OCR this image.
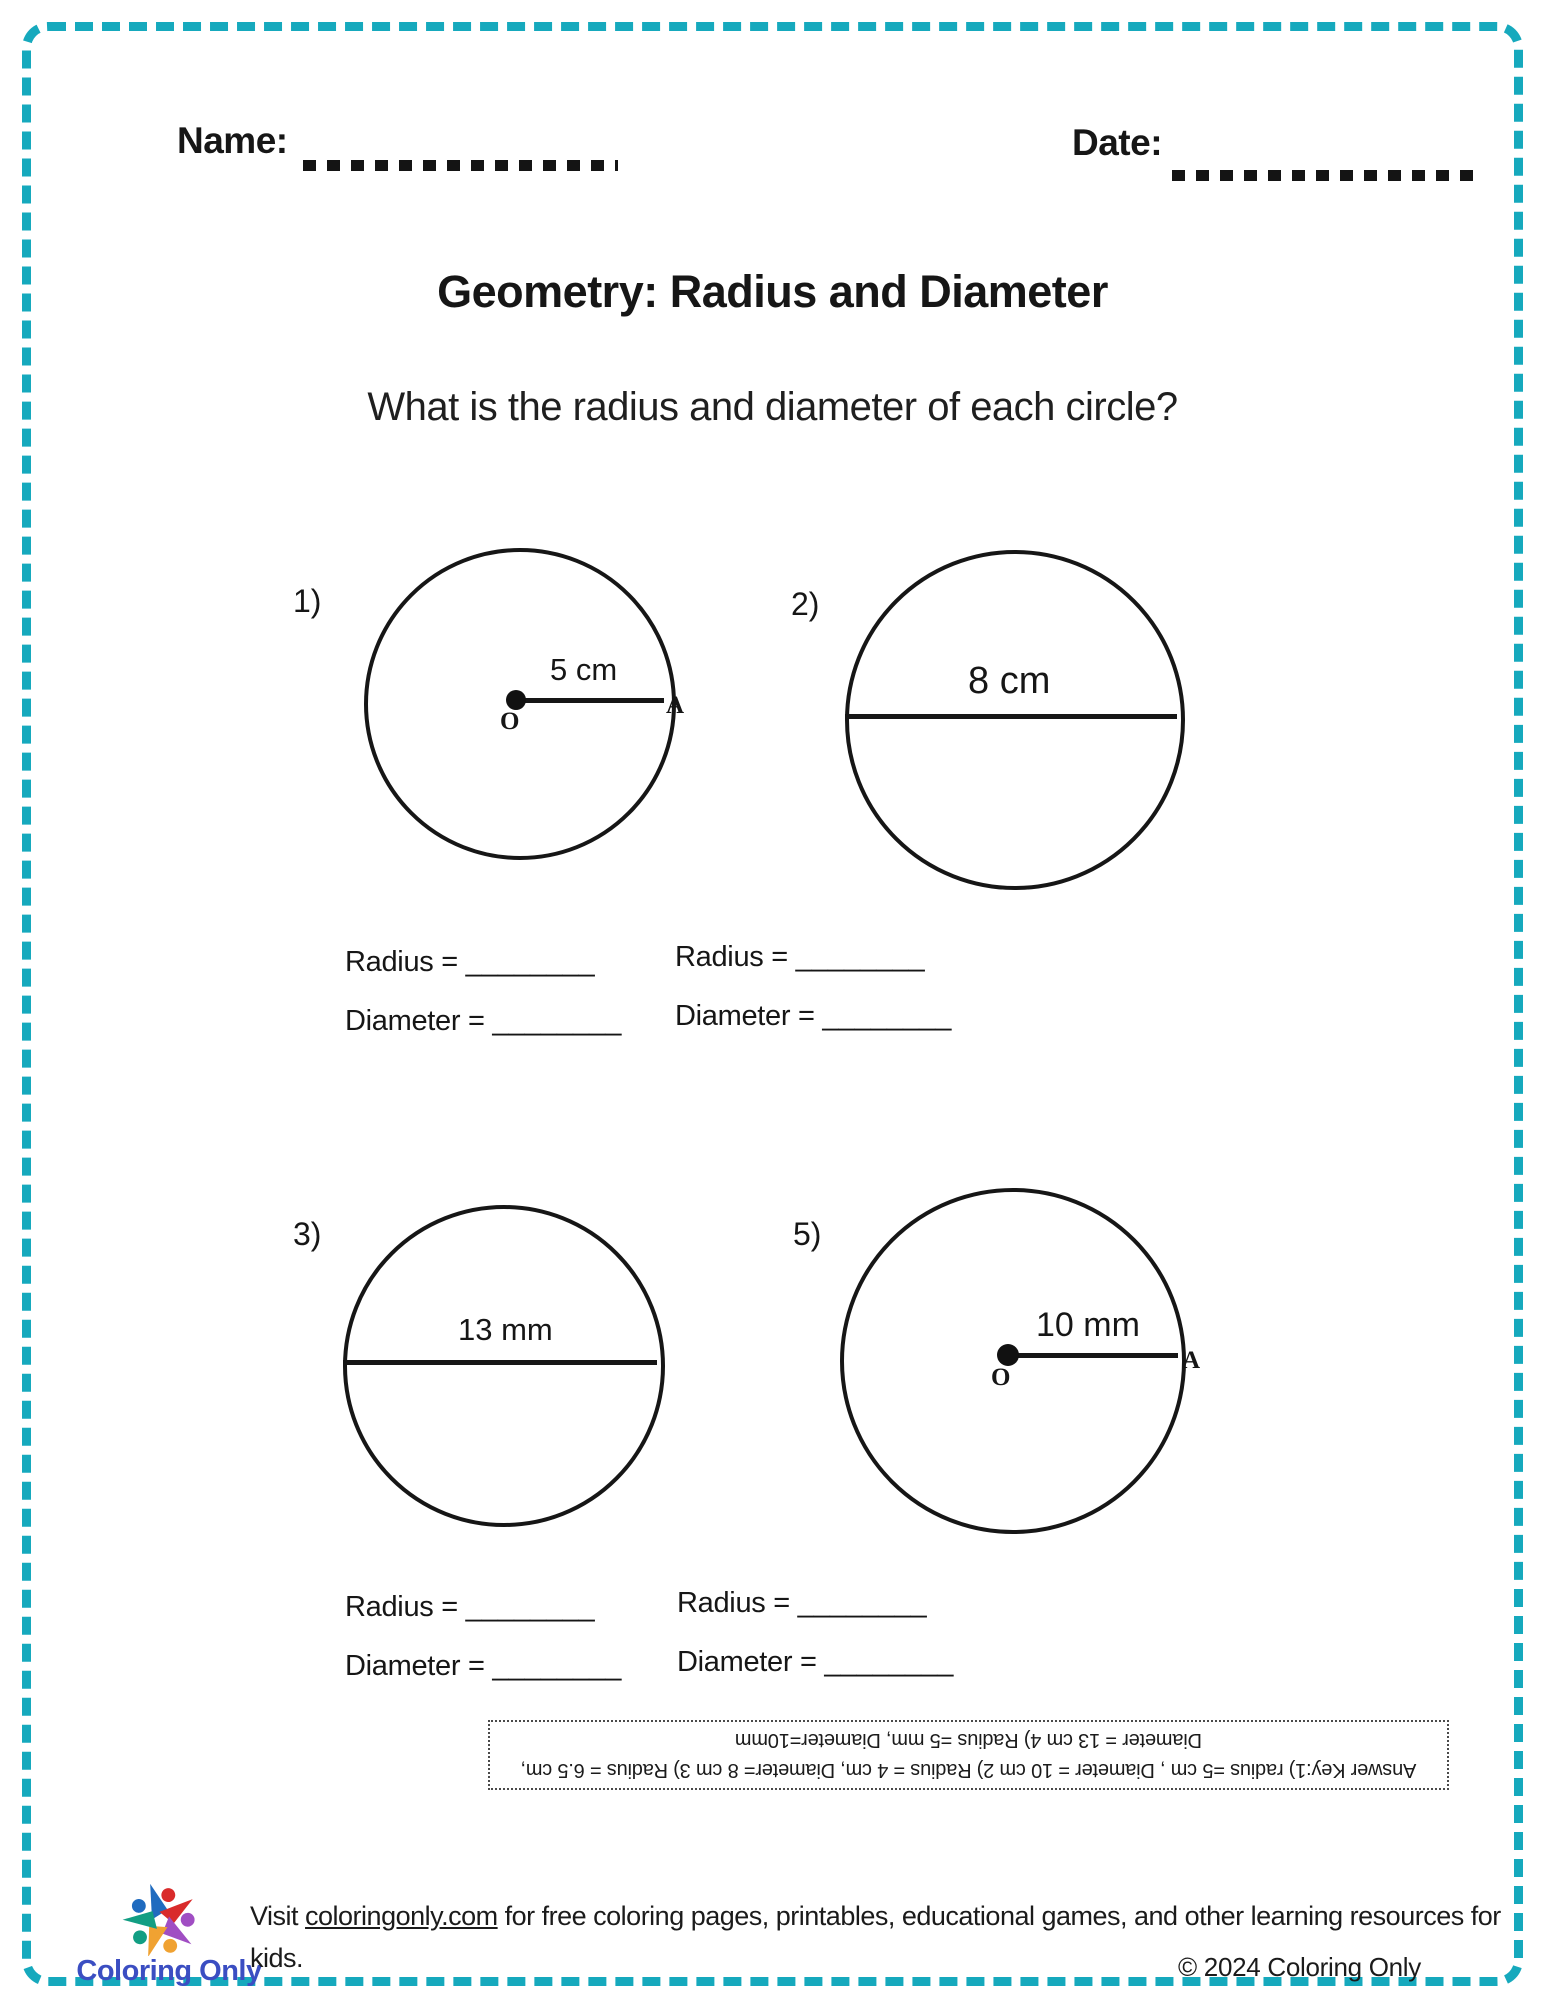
Name:	Date:
Geometry: Radius and Diameter
What is the radius and diameter of each circle?
1)
5 cm
O
A
Radius = ________
Diameter = ________
2)
8 cm
Radius = ________
Diameter = ________
3)
13 mm
Radius = ________
Diameter = ________
5)
10 mm
O
A
Radius = ________
Diameter = ________
Answer Key:1) radius =5 cm , Diameter = 10 cm 2) Radius = 4 cm, Diameter= 8 cm 3) Radius = 6.5 cm,
Diameter = 13 cm 4) Radius =5 mm, Diameter=10mm
Coloring Only
Visit coloringonly.com for free coloring pages, printables, educational games, and other learning resources for
kids.	© 2024 Coloring Only
